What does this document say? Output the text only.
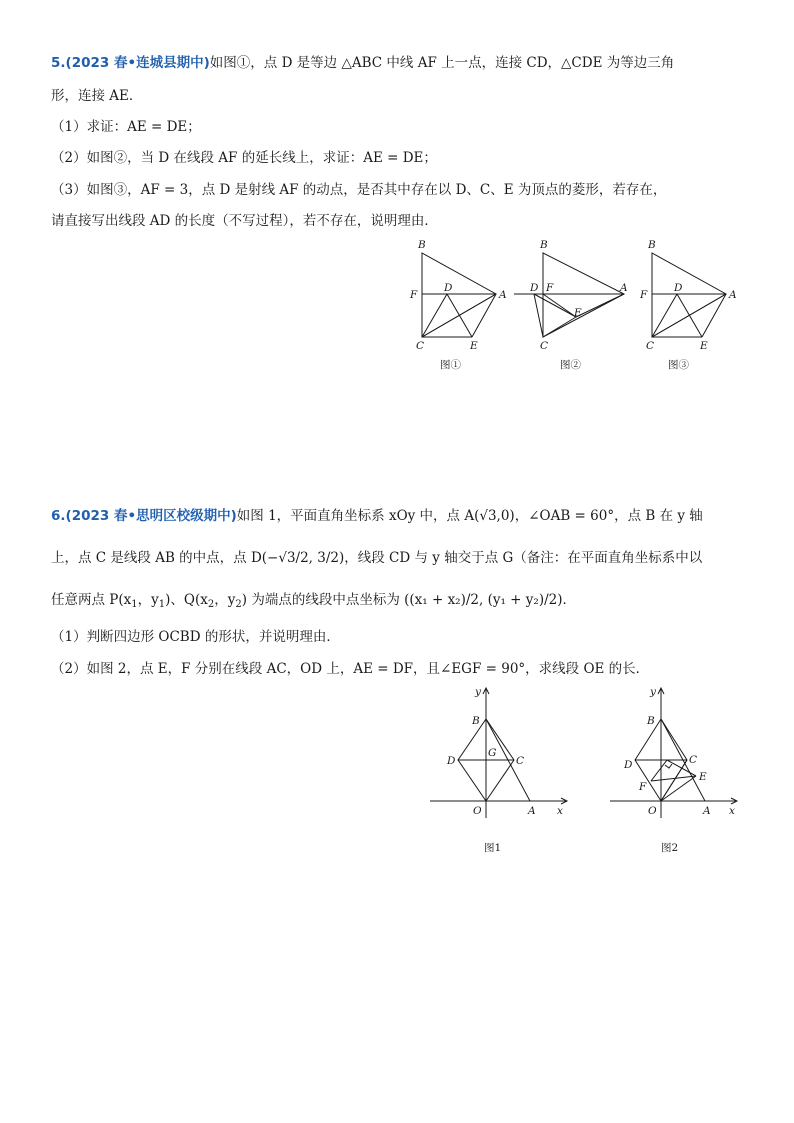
5.(2023 春•连城县期中)如图①，点 D 是等边 △ABC 中线 AF 上一点，连接 CD，△CDE 为等边三角
形，连接 AE．
（1）求证：AE = DE；
（2）如图②，当 D 在线段 AF 的延长线上，求证：AE = DE；
（3）如图③，AF = 3，点 D 是射线 AF 的动点，是否其中存在以 D、C、E 为顶点的菱形，若存在，
请直接写出线段 AD 的长度（不写过程），若不存在，说明理由．
B
F
D
A
C	E
图①
B
D F	A
E
C
图②
B
F
D
A
C	E
图③
6.(2023 春•思明区校级期中)如图 1，平面直角坐标系 xOy 中，点 A(√3,0)，∠OAB = 60°，点 B 在 y 轴
上，点 C 是线段 AB 的中点，点 D(−√3/2, 3/2)，线段 CD 与 y 轴交于点 G（备注：在平面直角坐标系中以
任意两点 $P(x_1$，$y_1$)、$Q(x_2$，$y_2$) 为端点的线段中点坐标为 ((x₁ + x₂)/2, (y₁ + y₂)/2)．
（1）判断四边形 OCBD 的形状，并说明理由．
（2）如图 2，点 E，F 分别在线段 AC，OD 上，AE = DF，且∠EGF = 90°，求线段 OE 的长．
y
B
G
D	C
O	A x
图1
y
B
C
D
E
F
O	A x
图2
